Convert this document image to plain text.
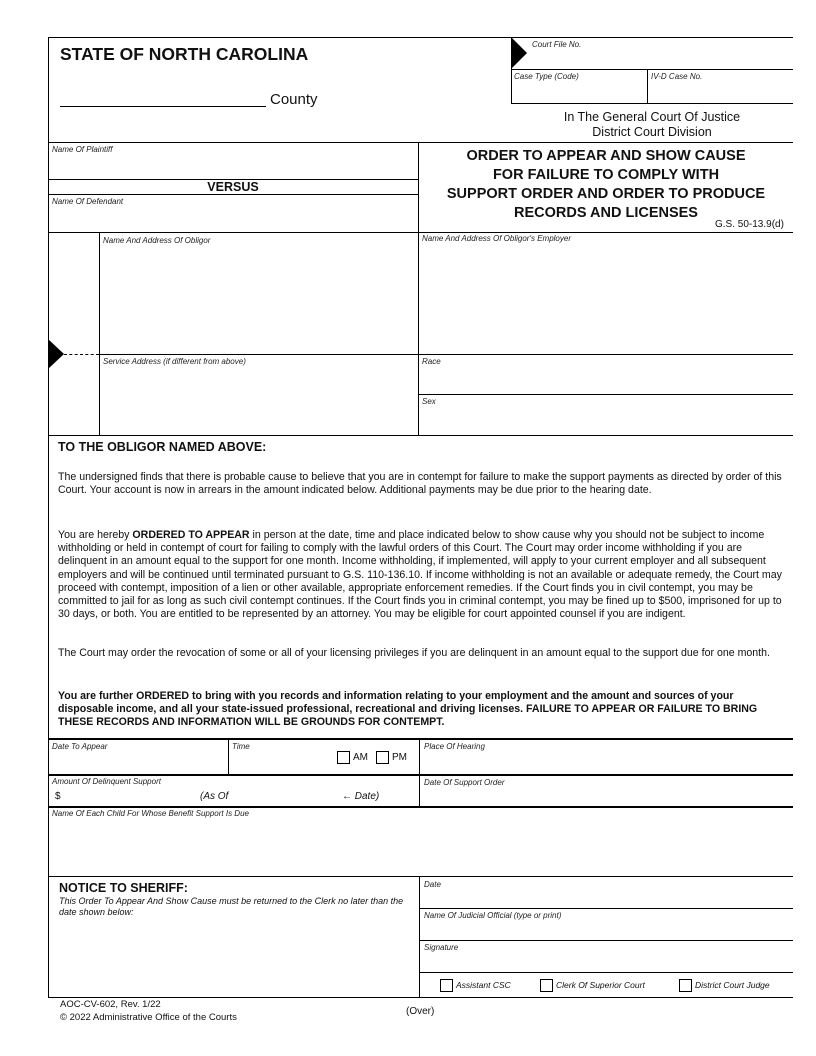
STATE OF NORTH CAROLINA
County
Court File No.
Case Type (Code)	IV-D Case No.
In The General Court Of Justice
District Court Division
Name Of Plaintiff
VERSUS
Name Of Defendant
ORDER TO APPEAR AND SHOW CAUSE
FOR FAILURE TO COMPLY WITH
SUPPORT ORDER AND ORDER TO PRODUCE
RECORDS AND LICENSES
G.S. 50-13.9(d)
Name And Address Of Obligor	Name And Address Of Obligor's Employer
Service Address (if different from above)	Race
Sex
TO THE OBLIGOR NAMED ABOVE:
The undersigned finds that there is probable cause to believe that you are in contempt for failure to make the support payments as directed by order of this Court. Your account is now in arrears in the amount indicated below. Additional payments may be due prior to the hearing date.
You are hereby ORDERED TO APPEAR in person at the date, time and place indicated below to show cause why you should not be subject to income withholding or held in contempt of court for failing to comply with the lawful orders of this Court. The Court may order income withholding if you are delinquent in an amount equal to the support for one month. Income withholding, if implemented, will apply to your current employer and all subsequent employers and will be continued until terminated pursuant to G.S. 110-136.10. If income withholding is not an available or adequate remedy, the Court may proceed with contempt, imposition of a lien or other available, appropriate enforcement remedies. If the Court finds you in civil contempt, you may be committed to jail for as long as such civil contempt continues. If the Court finds you in criminal contempt, you may be fined up to $500, imprisoned for up to 30 days, or both. You are entitled to be represented by an attorney. You may be eligible for court appointed counsel if you are indigent.
The Court may order the revocation of some or all of your licensing privileges if you are delinquent in an amount equal to the support due for one month.
You are further ORDERED to bring with you records and information relating to your employment and the amount and sources of your disposable income, and all your state-issued professional, recreational and driving licenses. FAILURE TO APPEAR OR FAILURE TO BRING THESE RECORDS AND INFORMATION WILL BE GROUNDS FOR CONTEMPT.
Date To Appear	Time
AM	PM
Place Of Hearing
Amount Of Delinquent Support
$	(As Of	← Date)
Date Of Support Order
Name Of Each Child For Whose Benefit Support Is Due
NOTICE TO SHERIFF:
This Order To Appear And Show Cause must be returned to the Clerk no later than the date shown below:
Date
Name Of Judicial Official (type or print)
Signature
Assistant CSC	Clerk Of Superior Court	District Court Judge
AOC-CV-602, Rev. 1/22
© 2022 Administrative Office of the Courts
(Over)
